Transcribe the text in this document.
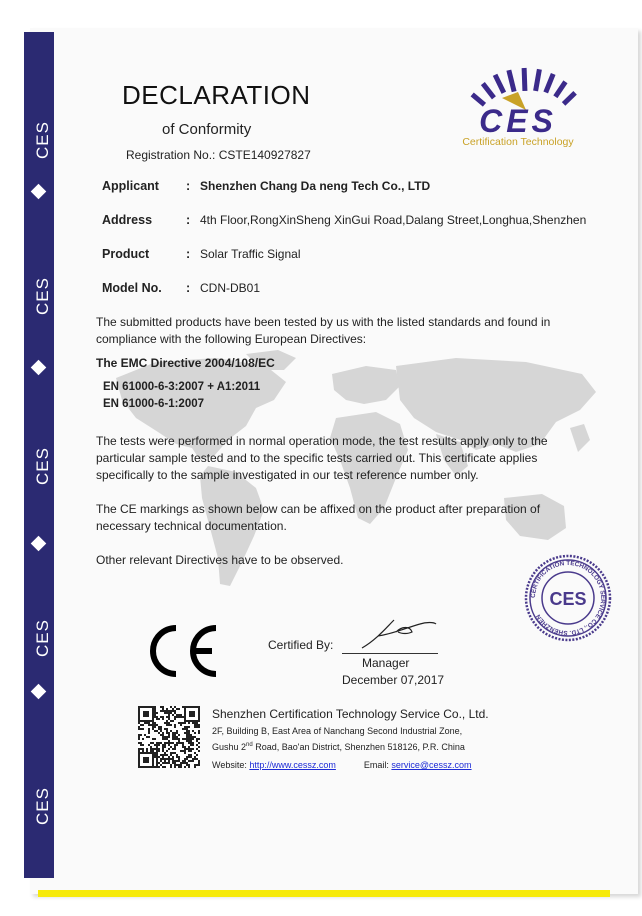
CES
CES
CES
CES
CES
DECLARATION
of Conformity
Registration No.: CSTE140927827
CES
Certification Technology
Applicant : Shenzhen Chang Da neng Tech Co., LTD
Address	: 4th Floor,RongXinSheng XinGui Road,Dalang Street,Longhua,Shenzhen
Product	: Solar Traffic Signal
Model No. : CDN-DB01
The submitted products have been tested by us with the listed standards and found in compliance with the following European Directives:
The EMC Directive 2004/108/EC
EN 61000-6-3:2007 + A1:2011
EN 61000-6-1:2007
The tests were performed in normal operation mode, the test results apply only to the particular sample tested and to the specific tests carried out. This certificate applies specifically to the sample investigated in our test reference number only.
The CE markings as shown below can be affixed on the product after preparation of necessary technical documentation.
Other relevant Directives have to be observed.
Certified By:
Manager
December 07,2017
CERTIFICATION TECHNOLOGY SERVICE CO., LTD. SHENZHEN
CES
Shenzhen Certification Technology Service Co., Ltd.
2F, Building B, East Area of Nanchang Second Industrial Zone,
Gushu 2nd Road, Bao'an District, Shenzhen 518126, P.R. China
Website: http://www.cessz.com	Email: service@cessz.com
